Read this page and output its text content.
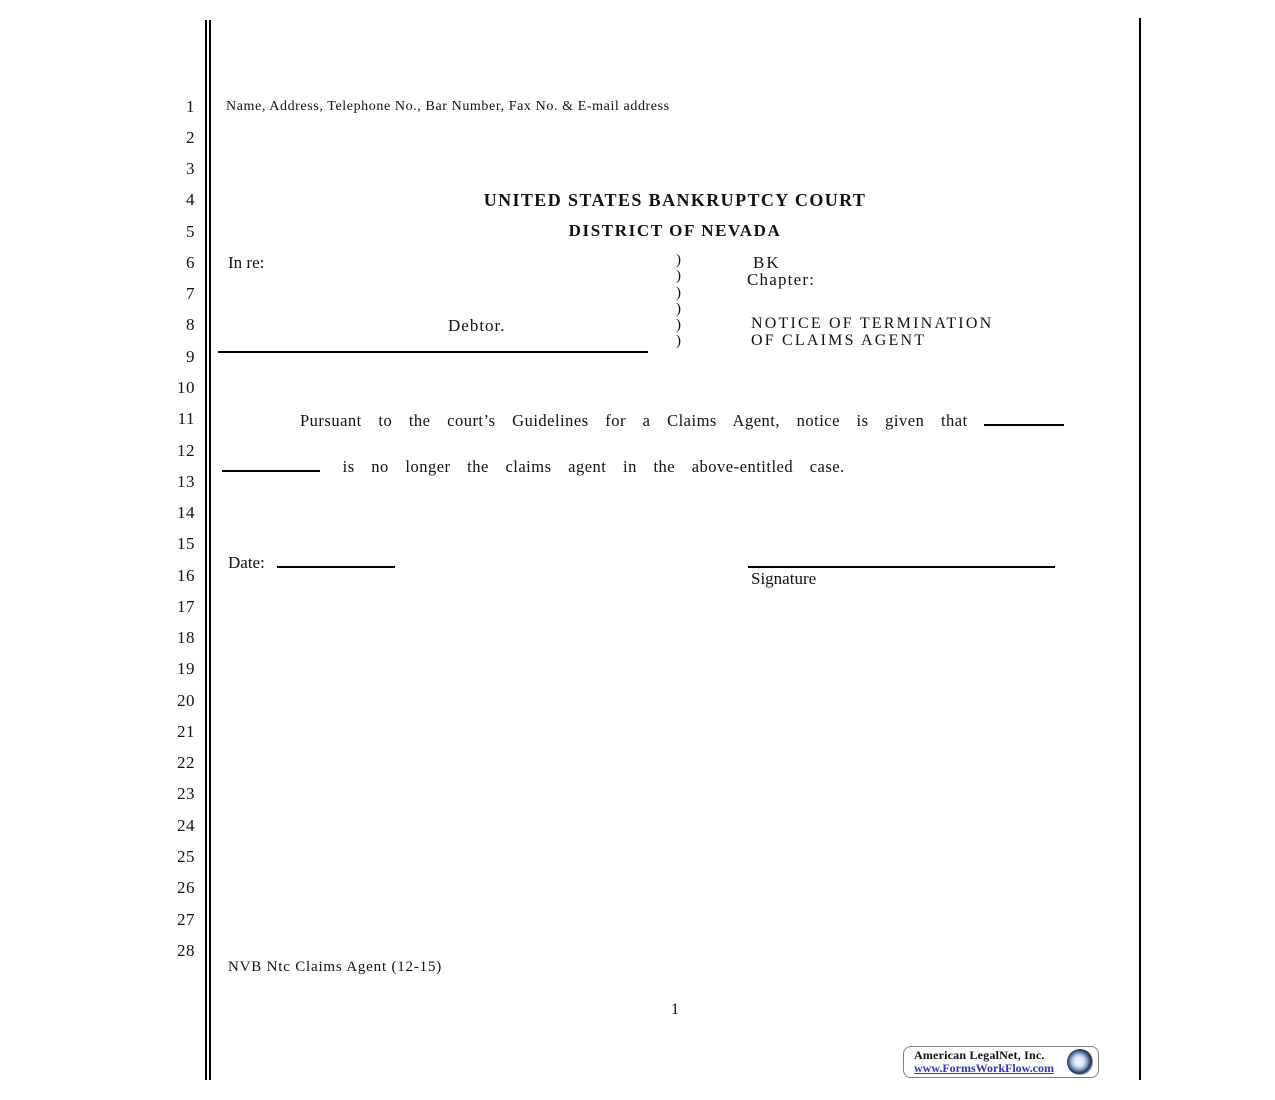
1
2
3
4
5
6
7
8
9
10
11
12
13
14
15
16
17
18
19
20
21
22
23
24
25
26
27
28
Name, Address, Telephone No., Bar Number, Fax No. & E-mail address
UNITED STATES BANKRUPTCY COURT
DISTRICT OF NEVADA
In re:	)
)
)
)
)
)
BK
Chapter:
Debtor.	NOTICE OF TERMINATION
OF CLAIMS AGENT
Pursuant to the court’s Guidelines for a Claims Agent, notice is given that
is no longer the claims agent in the above-entitled case.
Date:
Signature
NVB Ntc Claims Agent (12-15)
1
American LegalNet, Inc.
www.FormsWorkFlow.com
